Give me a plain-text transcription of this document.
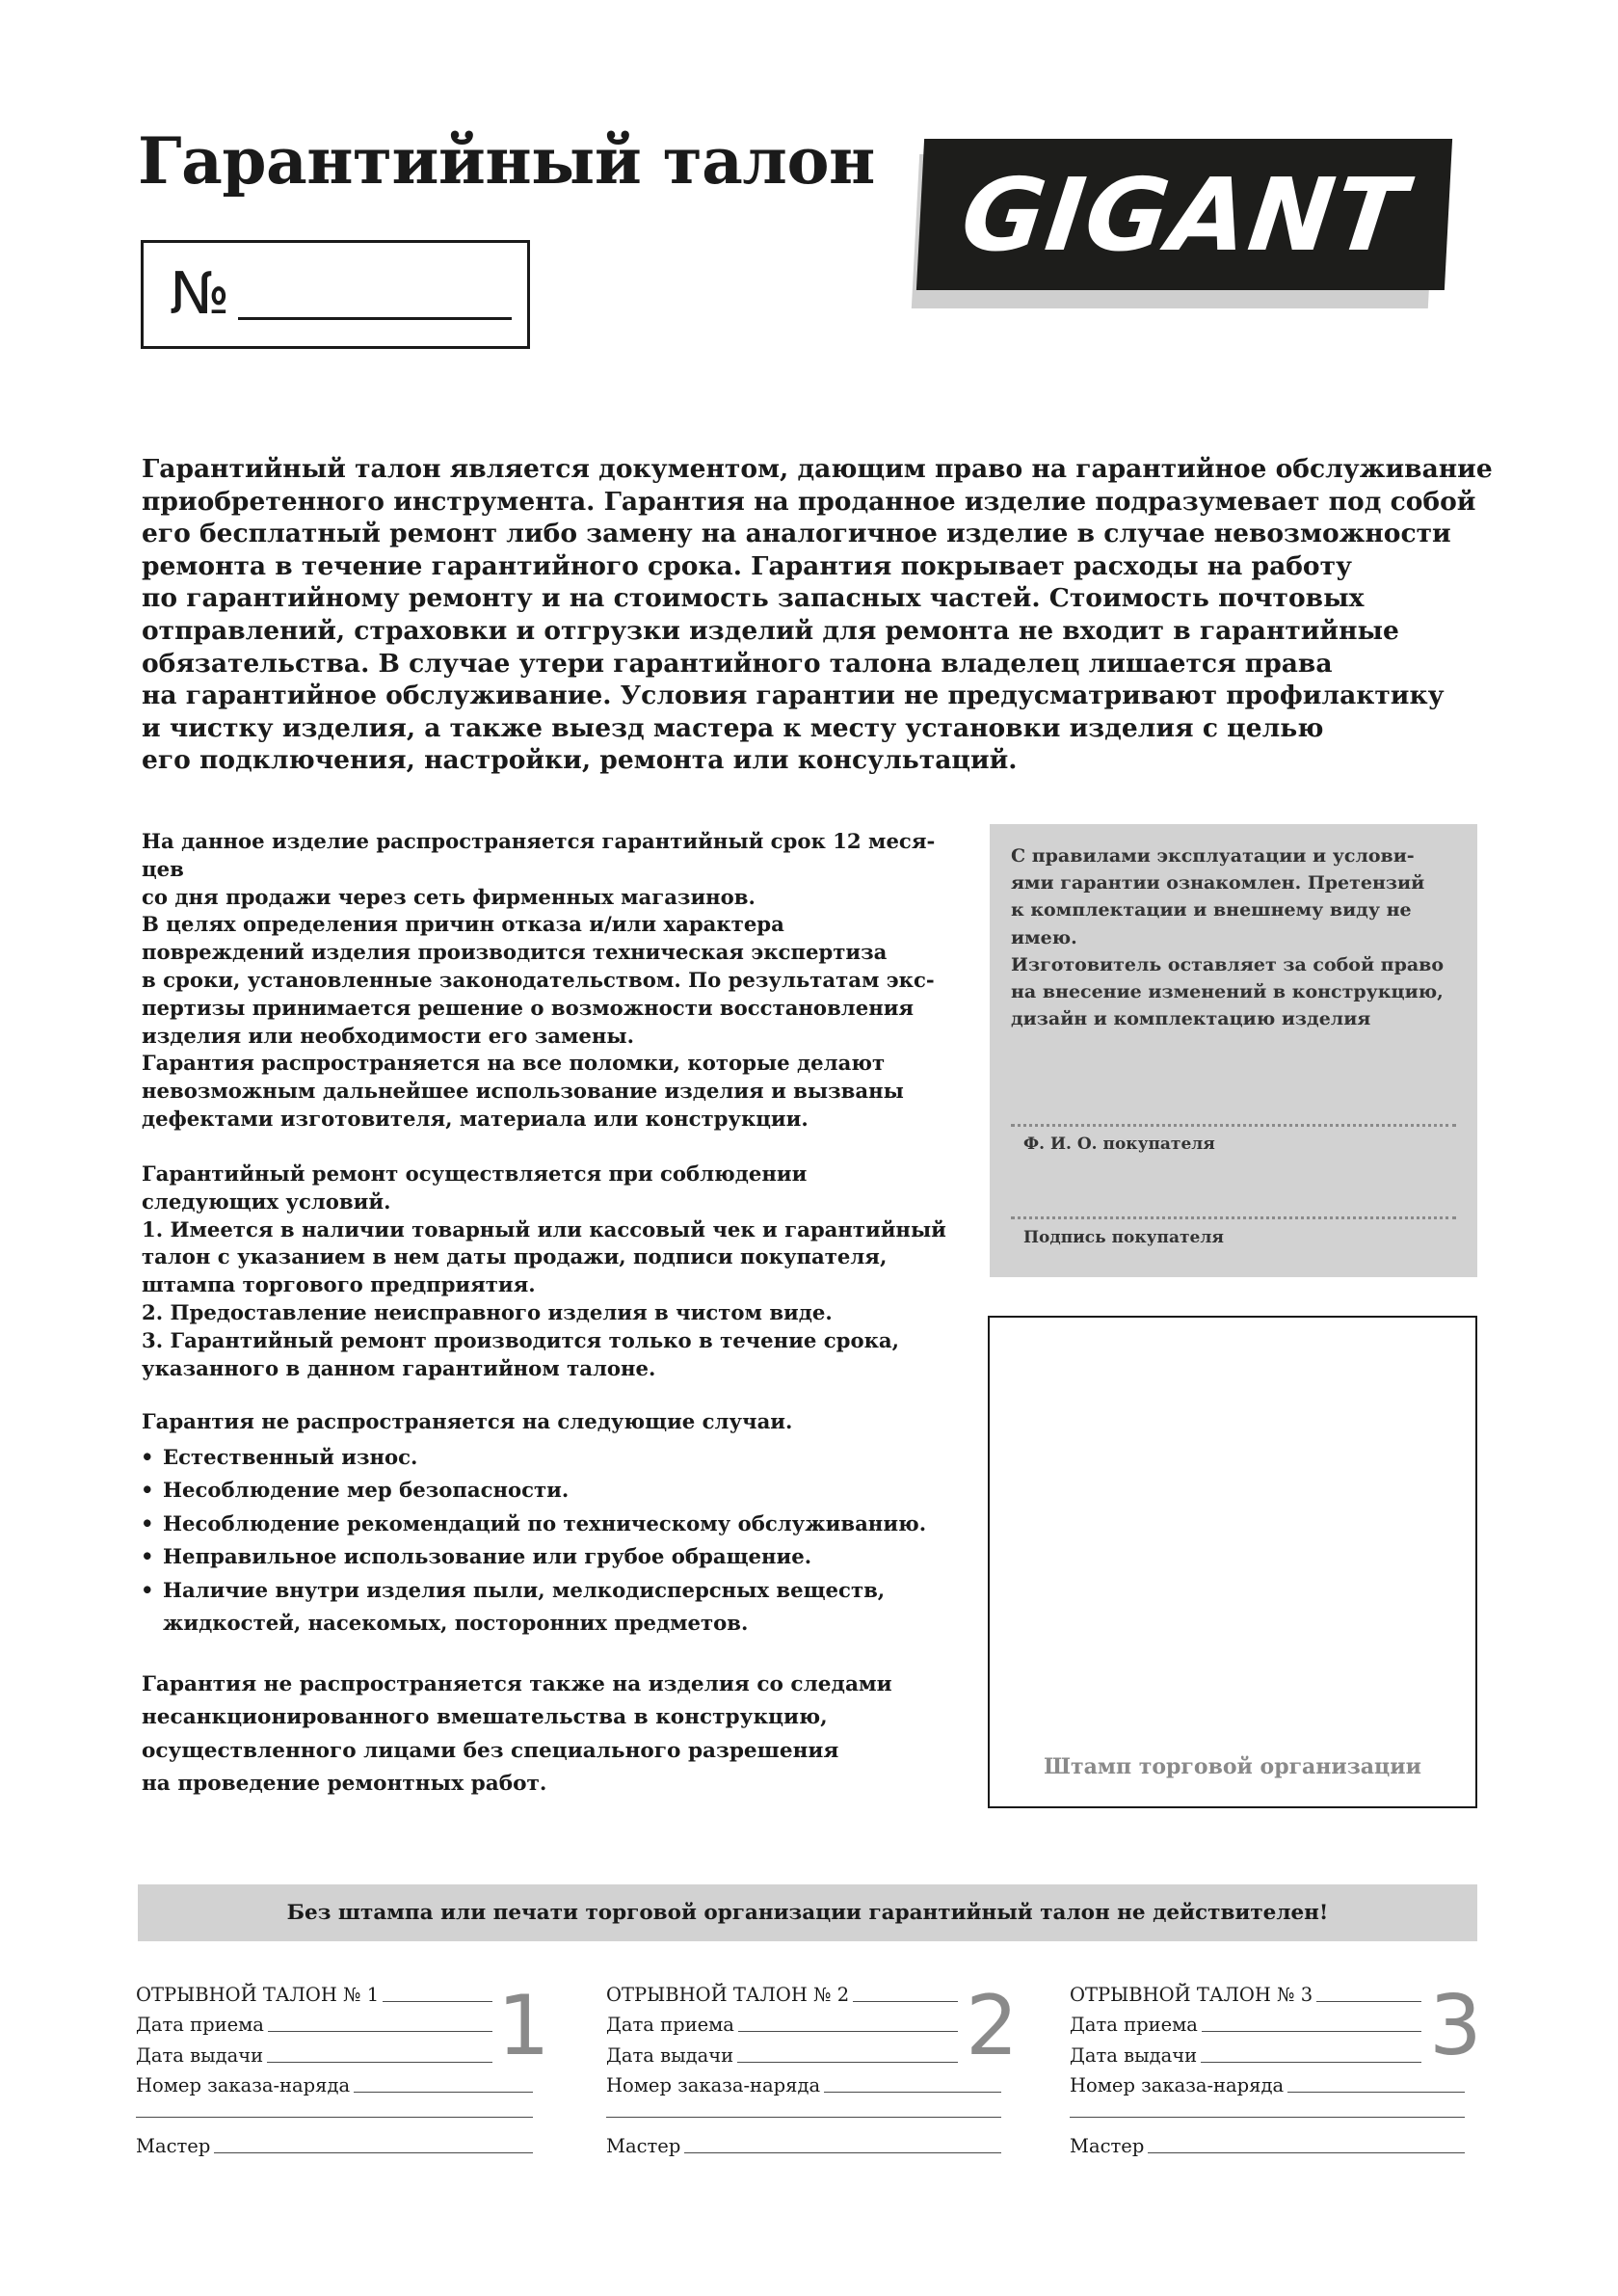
Гарантийный талон
№
GIGANT
Гарантийный талон является документом, дающим право на гарантийное обслуживание
приобретенного инструмента. Гарантия на проданное изделие подразумевает под собой
его бесплатный ремонт либо замену на аналогичное изделие в случае невозможности
ремонта в течение гарантийного срока. Гарантия покрывает расходы на работу
по гарантийному ремонту и на стоимость запасных частей. Стоимость почтовых
отправлений, страховки и отгрузки изделий для ремонта не входит в гарантийные
обязательства. В случае утери гарантийного талона владелец лишается права
на гарантийное обслуживание. Условия гарантии не предусматривают профилактику
и чистку изделия, а также выезд мастера к месту установки изделия с целью
его подключения, настройки, ремонта или консультаций.
На данное изделие распространяется гарантийный срок 12 меся-
цев
со дня продажи через сеть фирменных магазинов.
В целях определения причин отказа и/или характера
повреждений изделия производится техническая экспертиза
в сроки, установленные законодательством. По результатам экс-
пертизы принимается решение о возможности восстановления
изделия или необходимости его замены.
Гарантия распространяется на все поломки, которые делают
невозможным дальнейшее использование изделия и вызваны
дефектами изготовителя, материала или конструкции.
Гарантийный ремонт осуществляется при соблюдении
следующих условий.
1. Имеется в наличии товарный или кассовый чек и гарантийный
талон с указанием в нем даты продажи, подписи покупателя,
штампа торгового предприятия.
2. Предоставление неисправного изделия в чистом виде.
3. Гарантийный ремонт производится только в течение срока,
указанного в данном гарантийном талоне.
Гарантия не распространяется на следующие случаи.
• Естественный износ.
• Несоблюдение мер безопасности.
• Несоблюдение рекомендаций по техническому обслуживанию.
• Неправильное использование или грубое обращение.
• Наличие внутри изделия пыли, мелкодисперсных веществ,
жидкостей, насекомых, посторонних предметов.
Гарантия не распространяется также на изделия со следами
несанкционированного вмешательства в конструкцию,
осуществленного лицами без специального разрешения
на проведение ремонтных работ.
С правилами эксплуатации и услови-
ями гарантии ознакомлен. Претензий
к комплектации и внешнему виду не
имею.
Изготовитель оставляет за собой право
на внесение изменений в конструкцию,
дизайн и комплектацию изделия
Ф. И. О. покупателя
Подпись покупателя
Штамп торговой организации
Без штампа или печати торговой организации гарантийный талон не действителен!
ОТРЫВНОЙ ТАЛОН № 1
Дата приема
Дата выдачи
Номер заказа-наряда
Мастер
1	ОТРЫВНОЙ ТАЛОН № 2
Дата приема
Дата выдачи
Номер заказа-наряда
Мастер
2	ОТРЫВНОЙ ТАЛОН № 3
Дата приема
Дата выдачи
Номер заказа-наряда
Мастер
3
